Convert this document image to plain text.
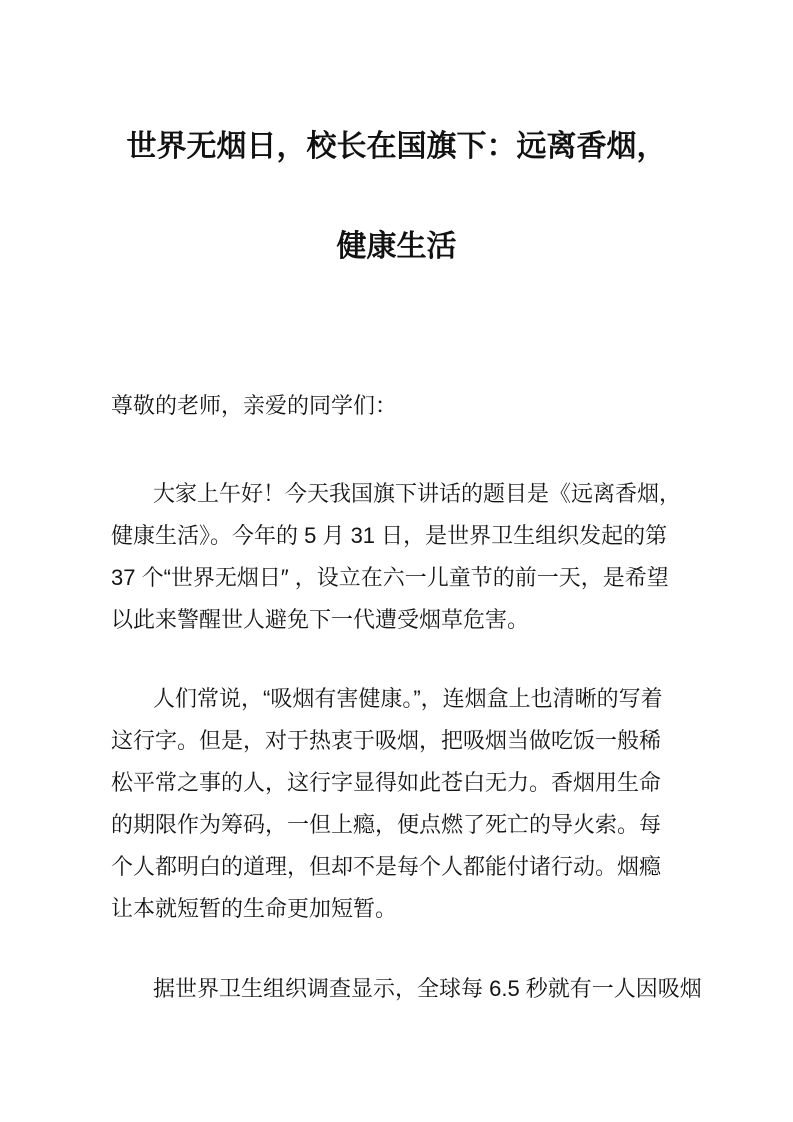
世界无烟日，校长在国旗下：远离香烟，
健康生活
尊敬的老师，亲爱的同学们：
大家上午好！今天我国旗下讲话的题目是《远离香烟，
健康生活》。今年的 5 月 31 日，是世界卫生组织发起的第
37 个“世界无烟日″ ，设立在六一儿童节的前一天，是希望
以此来警醒世人避免下一代遭受烟草危害。
人们常说，“吸烟有害健康。”，连烟盒上也清晰的写着
这行字。但是，对于热衷于吸烟，把吸烟当做吃饭一般稀
松平常之事的人，这行字显得如此苍白无力。香烟用生命
的期限作为筹码，一但上瘾，便点燃了死亡的导火索。每
个人都明白的道理，但却不是每个人都能付诸行动。烟瘾
让本就短暂的生命更加短暂。
据世界卫生组织调查显示，全球每 6.5 秒就有一人因吸烟
